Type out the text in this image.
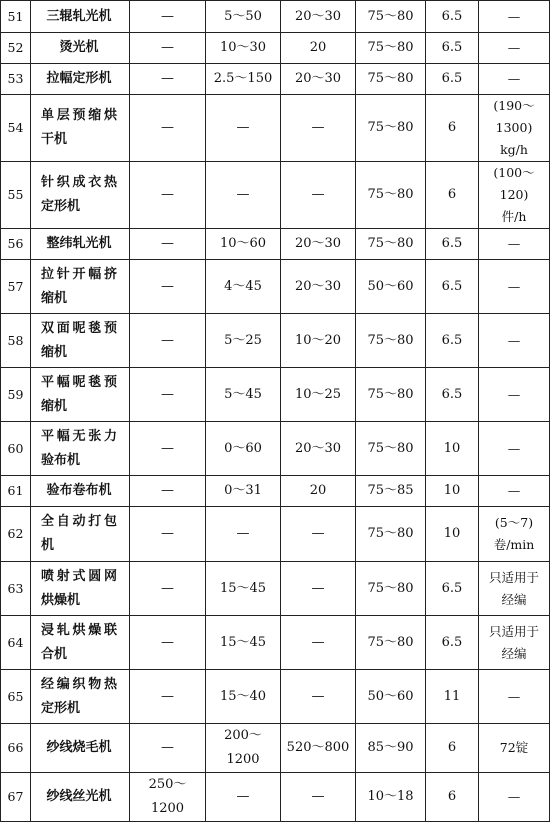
51	三辊轧光机	—	5～50	20～30	75～80	6.5	—

52	烫光机	—	10～30	20	75～80	6.5	—

53	拉幅定形机	—	2.5～150	20～30	75～80	6.5	—

54	单层预缩烘
干机	—	—	—	75～80	6	(190～1300)
kg/h

55	针织成衣热
定形机	—	—	—	75～80	6	(100～120)
件/h

56	整纬轧光机	—	10～60	20～30	75～80	6.5	—

57	拉针开幅挤
缩机	—	4～45	20～30	50～60	6.5	—

58	双面呢毯预
缩机	—	5～25	10～20	75～80	6.5	—

59	平幅呢毯预
缩机	—	5～45	10～25	75～80	6.5	—

60	平幅无张力
验布机	—	0～60	20～30	75～80	10	—

61	验布卷布机	—	0～31	20	75～85	10	—

62	全自动打包
机	—	—	—	75～80	10	(5～7)
卷/min

63	喷射式圆网
烘燥机	—	15～45	—	75～80	6.5	只适用于
经编

64	浸轧烘燥联
合机	—	15～45	—	75～80	6.5	只适用于
经编

65	经编织物热
定形机	—	15～40	—	50～60	11	—

66	纱线烧毛机	—	200～1200	520～800	85～90	6	72锭

67	纱线丝光机	250～1200	—	—	10～18	6	—
